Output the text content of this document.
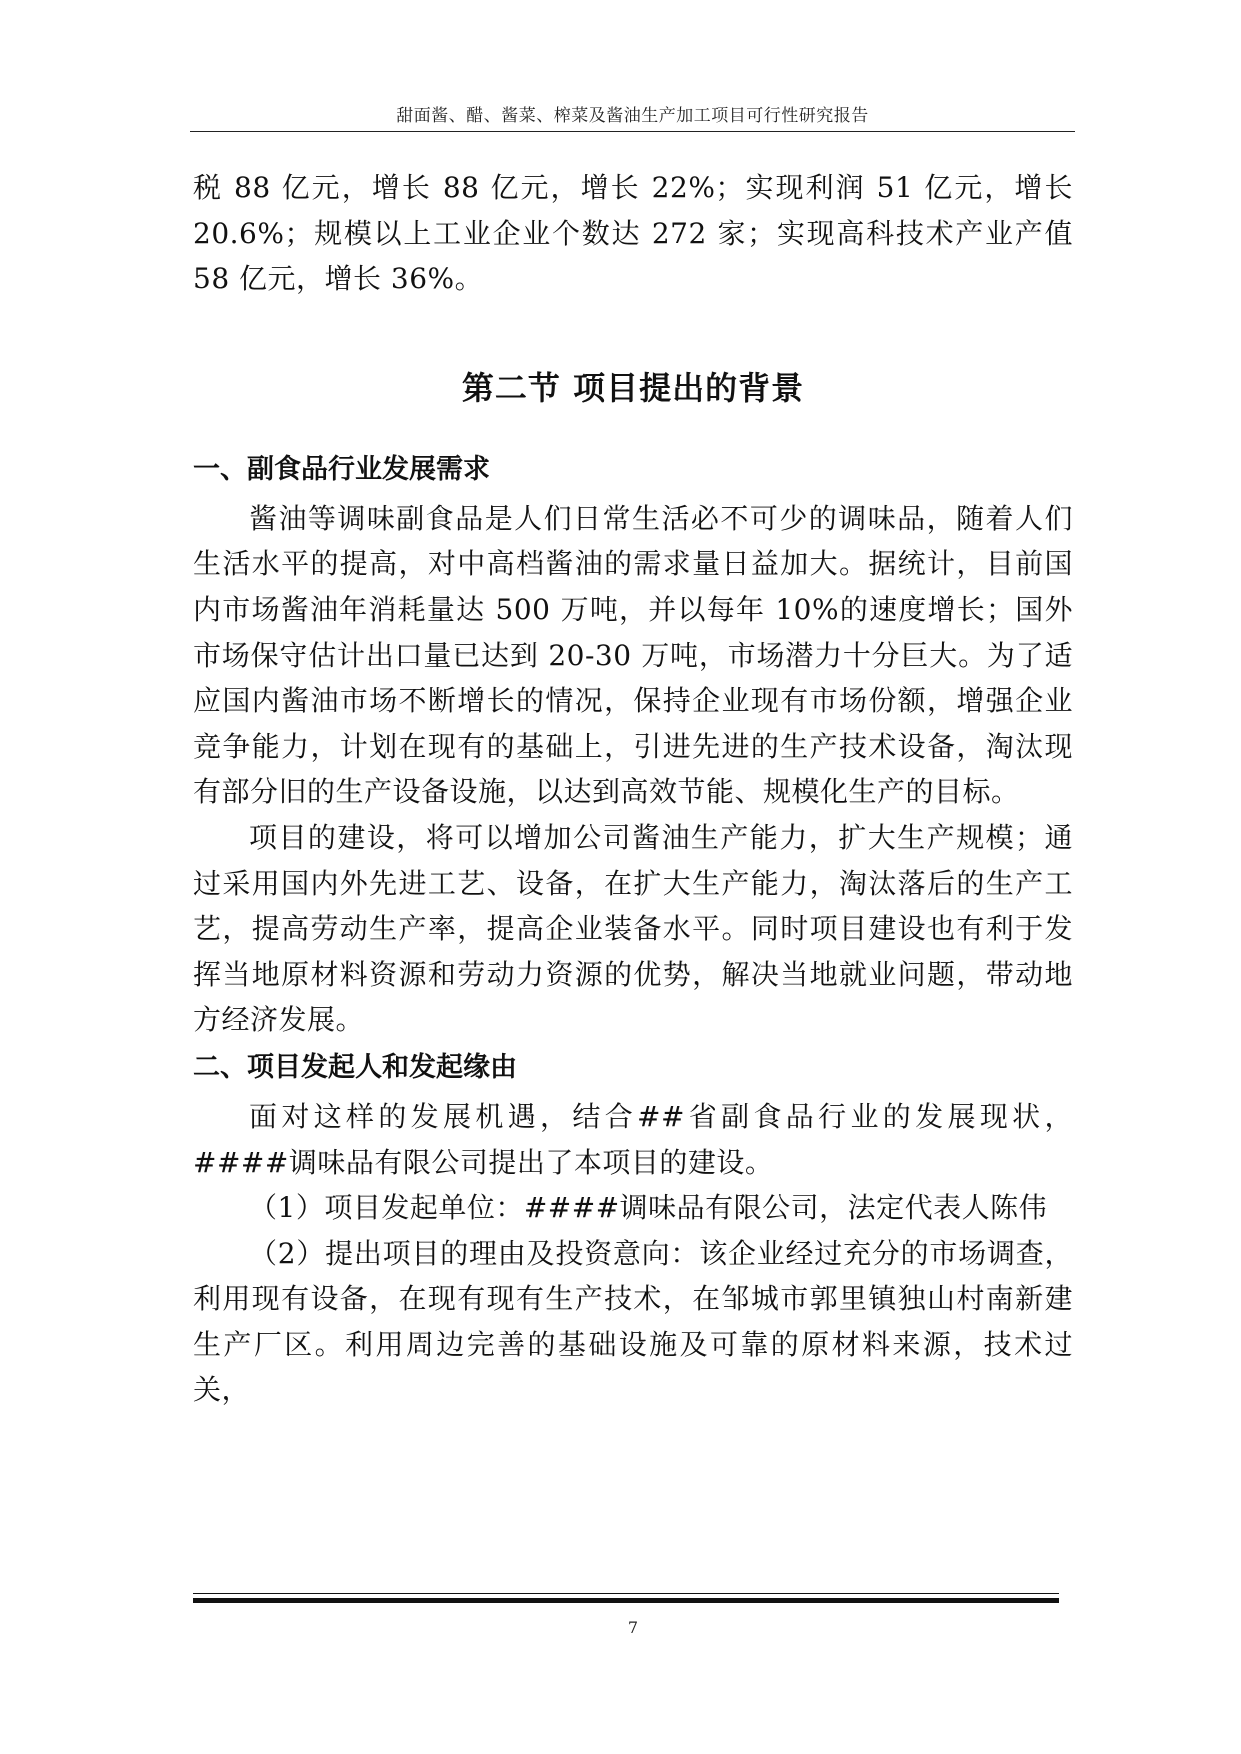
甜面酱、醋、酱菜、榨菜及酱油生产加工项目可行性研究报告

税 88 亿元，增长 88 亿元，增长 22%；实现利润 51 亿元，增长 20.6%；规模以上工业企业个数达 272 家；实现高科技术产业产值 58 亿元，增长 36%。

第二节 项目提出的背景
一、副食品行业发展需求

酱油等调味副食品是人们日常生活必不可少的调味品，随着人们生活水平的提高，对中高档酱油的需求量日益加大。据统计，目前国内市场酱油年消耗量达 500 万吨，并以每年 10%的速度增长；国外市场保守估计出口量已达到 20-30 万吨，市场潜力十分巨大。为了适应国内酱油市场不断增长的情况，保持企业现有市场份额，增强企业竞争能力，计划在现有的基础上，引进先进的生产技术设备，淘汰现有部分旧的生产设备设施，以达到高效节能、规模化生产的目标。

项目的建设，将可以增加公司酱油生产能力，扩大生产规模；通过采用国内外先进工艺、设备，在扩大生产能力，淘汰落后的生产工艺，提高劳动生产率，提高企业装备水平。同时项目建设也有利于发挥当地原材料资源和劳动力资源的优势，解决当地就业问题，带动地方经济发展。

二、项目发起人和发起缘由

面对这样的发展机遇，结合##省副食品行业的发展现状，####调味品有限公司提出了本项目的建设。

（1）项目发起单位：####调味品有限公司，法定代表人陈伟

（2）提出项目的理由及投资意向：该企业经过充分的市场调查，利用现有设备，在现有现有生产技术，在邹城市郭里镇独山村南新建生产厂区。利用周边完善的基础设施及可靠的原材料来源，技术过关，

7
